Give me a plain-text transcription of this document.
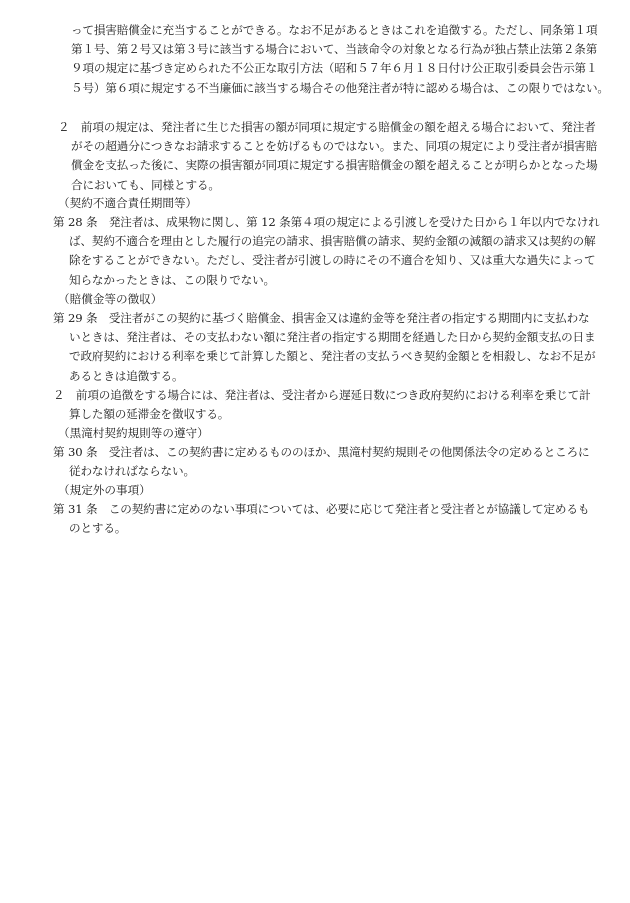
って損害賠償金に充当することができる。なお不足があるときはこれを追徴する。ただし、同条第１項
第１号、第２号又は第３号に該当する場合において、当該命令の対象となる行為が独占禁止法第２条第
９項の規定に基づき定められた不公正な取引方法（昭和５７年６月１８日付け公正取引委員会告示第１
５号）第６項に規定する不当廉価に該当する場合その他発注者が特に認める場合は、この限りではない。
２　前項の規定は、発注者に生じた損害の額が同項に規定する賠償金の額を超える場合において、発注者
がその超過分につきなお請求することを妨げるものではない。また、同項の規定により受注者が損害賠
償金を支払った後に、実際の損害額が同項に規定する損害賠償金の額を超えることが明らかとなった場
合においても、同様とする。
（契約不適合責任期間等）
第 28 条　発注者は、成果物に関し、第 12 条第４項の規定による引渡しを受けた日から１年以内でなけれ
ば、契約不適合を理由とした履行の追完の請求、損害賠償の請求、契約金額の減額の請求又は契約の解
除をすることができない。ただし、受注者が引渡しの時にその不適合を知り、又は重大な過失によって
知らなかったときは、この限りでない。
（賠償金等の徴収）
第 29 条　受注者がこの契約に基づく賠償金、損害金又は違約金等を発注者の指定する期間内に支払わな
いときは、発注者は、その支払わない額に発注者の指定する期間を経過した日から契約金額支払の日ま
で政府契約における利率を乗じて計算した額と、発注者の支払うべき契約金額とを相殺し、なお不足が
あるときは追徴する。
２　前項の追徴をする場合には、発注者は、受注者から遅延日数につき政府契約における利率を乗じて計
算した額の延滞金を徴収する。
（黒滝村契約規則等の遵守）
第 30 条　受注者は、この契約書に定めるもののほか、黒滝村契約規則その他関係法令の定めるところに
従わなければならない。
（規定外の事項）
第 31 条　この契約書に定めのない事項については、必要に応じて発注者と受注者とが協議して定めるも
のとする。
